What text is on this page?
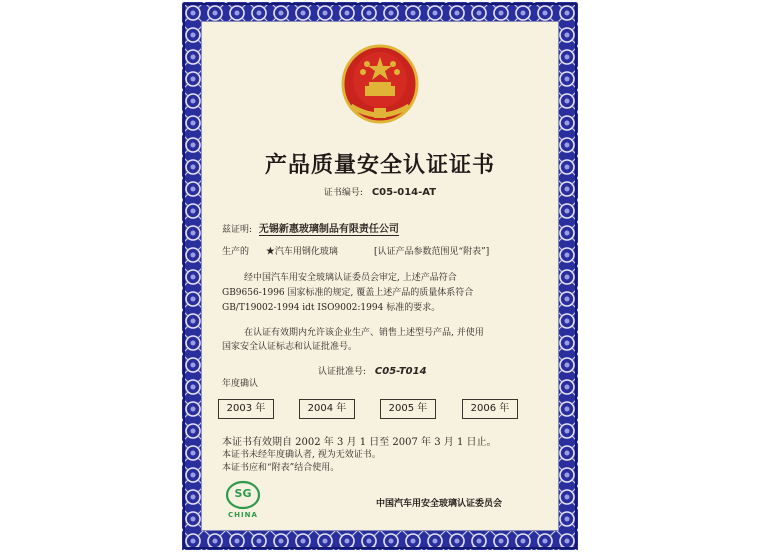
产品质量安全认证证书
证书编号: C05-014-AT
兹证明: 无锡新惠玻璃制品有限责任公司
生产的 ★汽车用钢化玻璃	[认证产品参数范围见“附表”]
经中国汽车用安全玻璃认证委员会审定, 上述产品符合
GB9656-1996 国家标准的规定, 覆盖上述产品的质量体系符合
GB/T19002-1994 idt ISO9002:1994 标准的要求。
在认证有效期内允许该企业生产、销售上述型号产品, 并使用
国家安全认证标志和认证批准号。
认证批准号: C05-T014
年度确认
2003 年	2004 年	2005 年	2006 年
本证书有效期自 2002 年 3 月 1 日至 2007 年 3 月 1 日止。
本证书未经年度确认者, 视为无效证书。
本证书应和“附表”结合使用。
SG
CHINA
中国汽车用安全玻璃认证委员会
